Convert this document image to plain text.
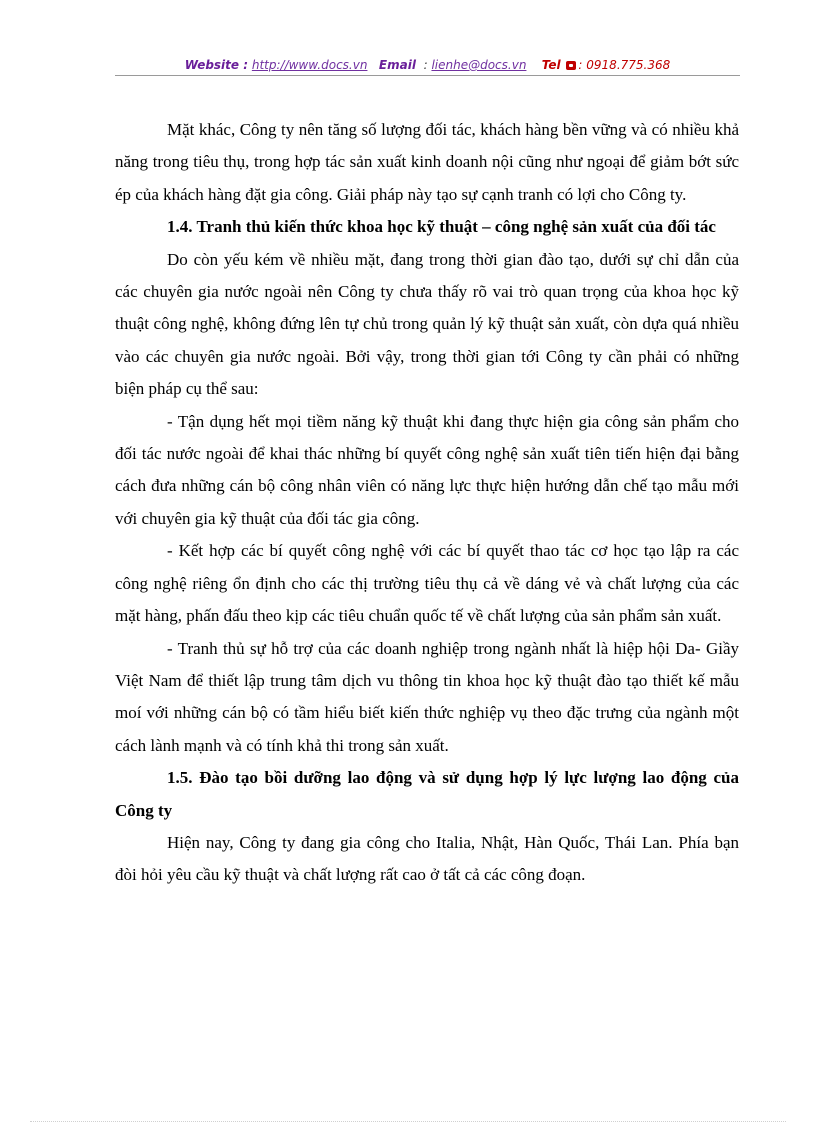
Website : http://www.docs.vn Email : lienhe@docs.vn Tel : 0918.775.368

Mặt khác, Công ty nên tăng số lượng đối tác, khách hàng bền vững và có nhiều khả năng trong tiêu thụ, trong hợp tác sản xuất kinh doanh nội cũng như ngoại để giảm bớt sức ép của khách hàng đặt gia công. Giải pháp này tạo sự cạnh tranh có lợi cho Công ty.

1.4. Tranh thủ kiến thức khoa học kỹ thuật – công nghệ sản xuất của đối tác

Do còn yếu kém về nhiều mặt, đang trong thời gian đào tạo, dưới sự chỉ dẫn của các chuyên gia nước ngoài nên Công ty chưa thấy rõ vai trò quan trọng của khoa học kỹ thuật công nghệ, không đứng lên tự chủ trong quản lý kỹ thuật sản xuất, còn dựa quá nhiều vào các chuyên gia nước ngoài. Bởi vậy, trong thời gian tới Công ty cần phải có những biện pháp cụ thể sau:

- Tận dụng hết mọi tiềm năng kỹ thuật khi đang thực hiện gia công sản phẩm cho đối tác nước ngoài để khai thác những bí quyết công nghệ sản xuất tiên tiến hiện đại bằng cách đưa những cán bộ công nhân viên có năng lực thực hiện hướng dẫn chế tạo mẫu mới với chuyên gia kỹ thuật của đối tác gia công.

- Kết hợp các bí quyết công nghệ với các bí quyết thao tác cơ học tạo lập ra các công nghệ riêng ổn định cho các thị trường tiêu thụ cả về dáng vẻ và chất lượng của các mặt hàng, phấn đấu theo kịp các tiêu chuẩn quốc tế về chất lượng của sản phẩm sản xuất.

- Tranh thủ sự hỗ trợ của các doanh nghiệp trong ngành nhất là hiệp hội Da- Giầy Việt Nam để thiết lập trung tâm dịch vu thông tin khoa học kỹ thuật đào tạo thiết kế mẫu moí với những cán bộ có tầm hiểu biết kiến thức nghiệp vụ theo đặc trưng của ngành một cách lành mạnh và có tính khả thi trong sản xuất.

1.5. Đào tạo bồi dưỡng lao động và sử dụng hợp lý lực lượng lao động của Công ty

Hiện nay, Công ty đang gia công cho Italia, Nhật, Hàn Quốc, Thái Lan. Phía bạn đòi hỏi yêu cầu kỹ thuật và chất lượng rất cao ở tất cả các công đoạn.
